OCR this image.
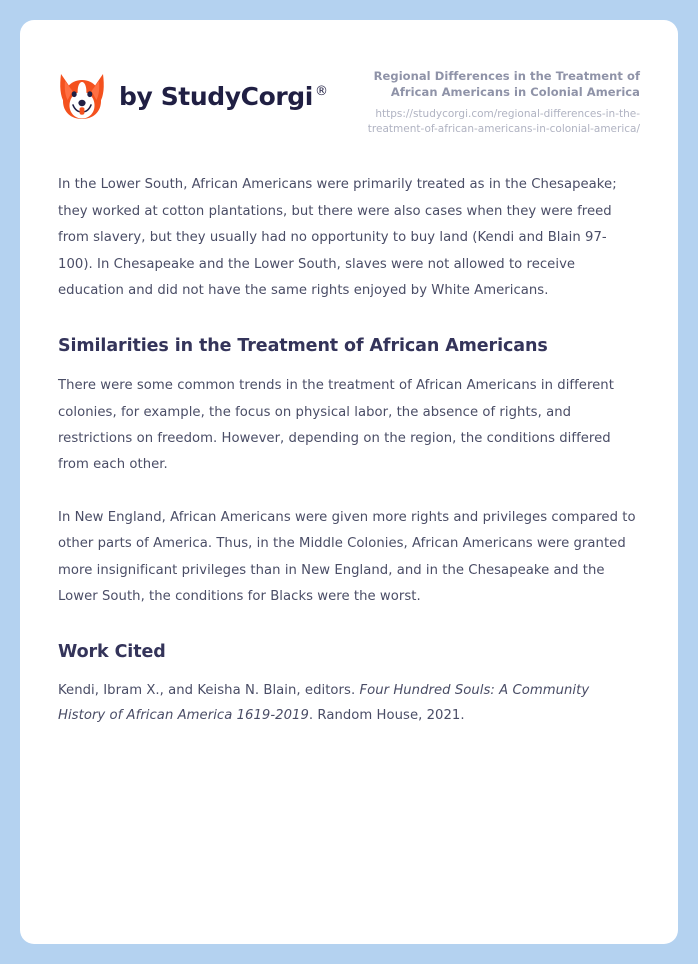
by StudyCorgi ®
Regional Differences in the Treatment of African Americans in Colonial America
https://studycorgi.com/regional-differences-in-the-treatment-of-african-americans-in-colonial-america/

In the Lower South, African Americans were primarily treated as in the Chesapeake; they worked at cotton plantations, but there were also cases when they were freed from slavery, but they usually had no opportunity to buy land (Kendi and Blain 97-100). In Chesapeake and the Lower South, slaves were not allowed to receive education and did not have the same rights enjoyed by White Americans.

Similarities in the Treatment of African Americans

There were some common trends in the treatment of African Americans in different colonies, for example, the focus on physical labor, the absence of rights, and restrictions on freedom. However, depending on the region, the conditions differed from each other.

In New England, African Americans were given more rights and privileges compared to other parts of America. Thus, in the Middle Colonies, African Americans were granted more insignificant privileges than in New England, and in the Chesapeake and the Lower South, the conditions for Blacks were the worst.

Work Cited

Kendi, Ibram X., and Keisha N. Blain, editors. Four Hundred Souls: A Community History of African America 1619-2019. Random House, 2021.
